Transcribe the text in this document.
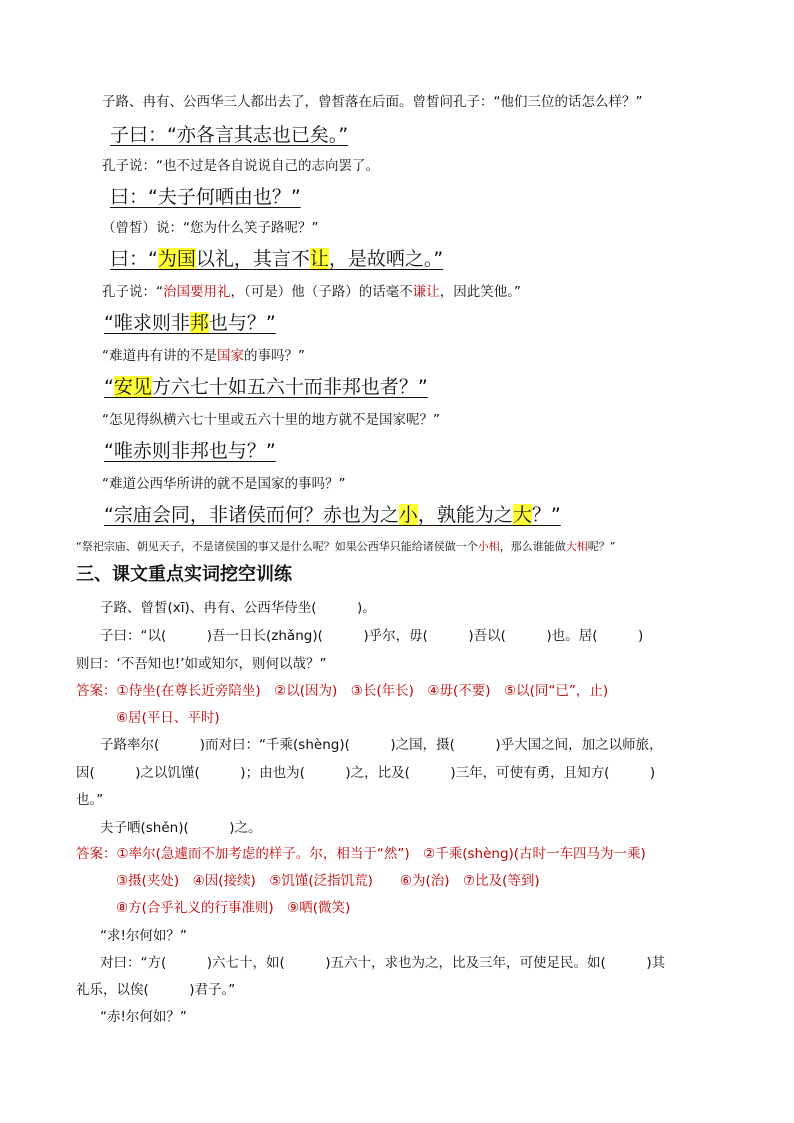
子路、冉有、公西华三人都出去了，曾皙落在后面。曾皙问孔子：“他们三位的话怎么样？”
子曰：“亦各言其志也已矣。”
孔子说：“也不过是各自说说自己的志向罢了。
曰：“夫子何哂由也？”
（曾皙）说：“您为什么笑子路呢？”
曰：“为国以礼，其言不让，是故哂之。”
孔子说：“治国要用礼，（可是）他（子路）的话毫不谦让，因此笑他。”
“唯求则非邦也与？”
“难道冉有讲的不是国家的事吗？”
“安见方六七十如五六十而非邦也者？”
“怎见得纵横六七十里或五六十里的地方就不是国家呢？”
“唯赤则非邦也与？”
“难道公西华所讲的就不是国家的事吗？”
“宗庙会同，非诸侯而何？赤也为之小，孰能为之大？”
“祭祀宗庙、朝见天子，不是诸侯国的事又是什么呢？如果公西华只能给诸侯做一个小相，那么谁能做大相呢？”
三、课文重点实词挖空训练
子路、曾皙(xī)、冉有、公西华侍坐(　　　)。
子曰：“以(　　　)吾一日长(zhǎng)(　　　)乎尔，毋(　　　)吾以(　　　)也。居(　　　)
则曰：‘不吾知也!’如或知尔，则何以哉？”
答案：①侍坐(在尊长近旁陪坐)　②以(因为)　③长(年长)　④毋(不要)　⑤以(同“已”，止)
⑥居(平日、平时)
子路率尔(　　　)而对曰：“千乘(shèng)(　　　)之国，摄(　　　)乎大国之间，加之以师旅，
因(　　　)之以饥馑(　　　)；由也为(　　　)之，比及(　　　)三年，可使有勇，且知方(　　　)
也。”
夫子哂(shěn)(　　　)之。
答案：①率尔(急遽而不加考虑的样子。尔，相当于“然”)　②千乘(shèng)(古时一车四马为一乘)
③摄(夹处)　④因(接续)　⑤饥馑(泛指饥荒)　　⑥为(治)　⑦比及(等到)
⑧方(合乎礼义的行事准则)　⑨哂(微笑)
“求!尔何如？”
对曰：“方(　　　)六七十，如(　　　)五六十，求也为之，比及三年，可使足民。如(　　　)其
礼乐，以俟(　　　)君子。”
“赤!尔何如？”
